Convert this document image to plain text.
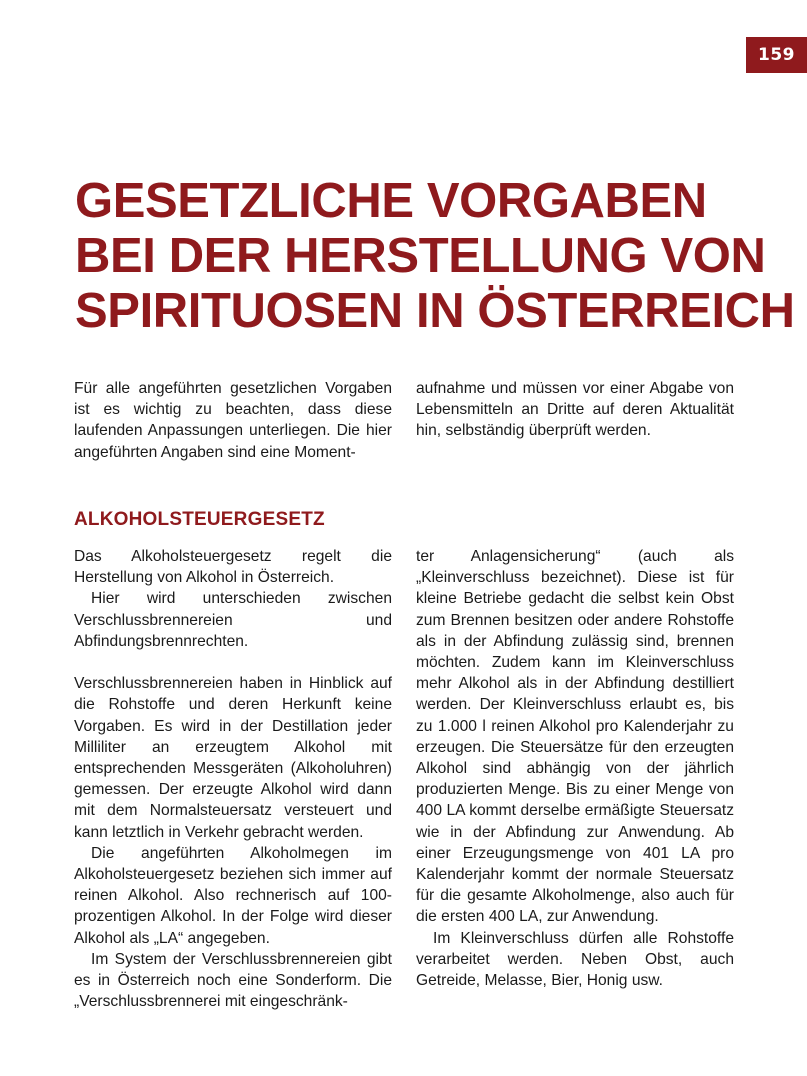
159
GESETZLICHE VORGABEN
BEI DER HERSTELLUNG VON
SPIRITUOSEN IN ÖSTERREICH

Für alle angeführten gesetzlichen Vorgaben ist es wichtig zu beachten, dass diese laufenden Anpassungen unterliegen. Die hier angeführten Angaben sind eine Moment-

aufnahme und müssen vor einer Abgabe von Lebensmitteln an Dritte auf deren Aktualität hin, selbständig überprüft werden.

ALKOHOLSTEUERGESETZ

Das Alkoholsteuergesetz regelt die Herstellung von Alkohol in Österreich.

Hier wird unterschieden zwischen Verschlussbrennereien und Abfindungsbrennrechten.

Verschlussbrennereien haben in Hinblick auf die Rohstoffe und deren Herkunft keine Vorgaben. Es wird in der Destillation jeder Milliliter an erzeugtem Alkohol mit entsprechenden Messgeräten (Alkoholuhren) gemessen. Der erzeugte Alkohol wird dann mit dem Normalsteuersatz versteuert und kann letztlich in Verkehr gebracht werden.

Die angeführten Alkoholmegen im Alkoholsteuergesetz beziehen sich immer auf reinen Alkohol. Also rechnerisch auf 100-prozentigen Alkohol. In der Folge wird dieser Alkohol als „LA“ angegeben.

Im System der Verschlussbrennereien gibt es in Österreich noch eine Sonderform. Die „Verschlussbrennerei mit eingeschränk-

ter Anlagensicherung“ (auch als „Kleinverschluss bezeichnet). Diese ist für kleine Betriebe gedacht die selbst kein Obst zum Brennen besitzen oder andere Rohstoffe als in der Abfindung zulässig sind, brennen möchten. Zudem kann im Kleinverschluss mehr Alkohol als in der Abfindung destilliert werden. Der Kleinverschluss erlaubt es, bis zu 1.000 l reinen Alkohol pro Kalenderjahr zu erzeugen. Die Steuersätze für den erzeugten Alkohol sind abhängig von der jährlich produzierten Menge. Bis zu einer Menge von 400 LA kommt derselbe ermäßigte Steuersatz wie in der Abfindung zur Anwendung. Ab einer Erzeugungsmenge von 401 LA pro Kalenderjahr kommt der normale Steuersatz für die gesamte Alkoholmenge, also auch für die ersten 400 LA, zur Anwendung.

Im Kleinverschluss dürfen alle Rohstoffe verarbeitet werden. Neben Obst, auch Getreide, Melasse, Bier, Honig usw.
